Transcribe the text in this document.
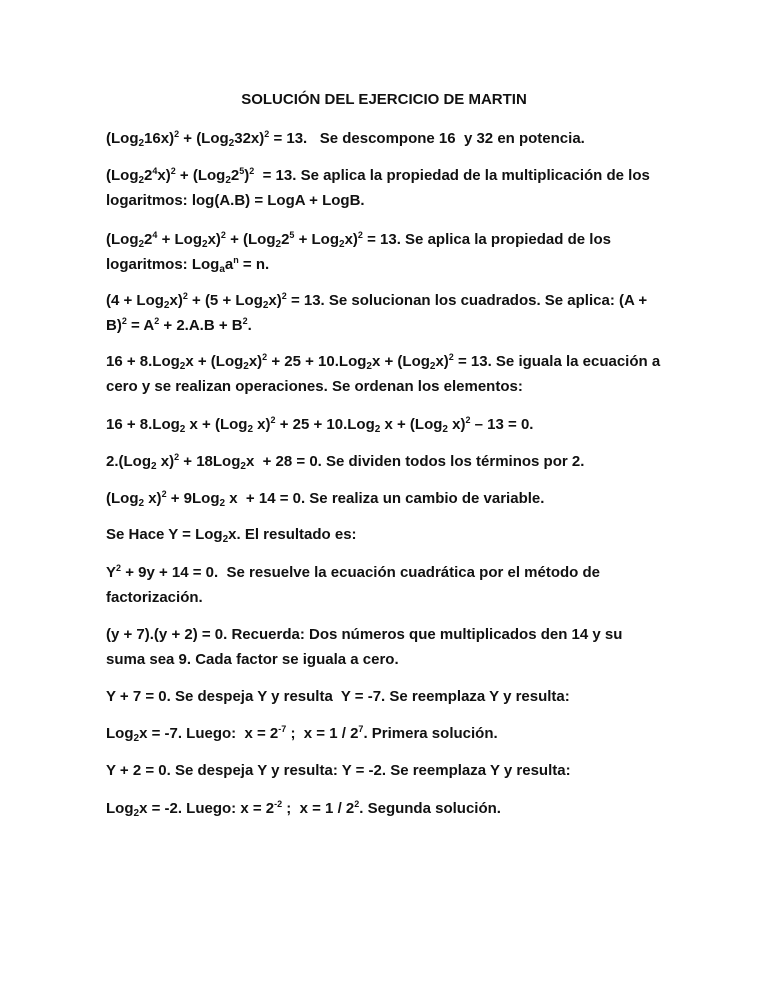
SOLUCIÓN DEL EJERCICIO DE MARTIN

$(Log_216x)^2 + (Log_232x)^2 = 13$.   Se descompone 16  y 32 en potencia.

$(Log_22^4x)^2 + (Log_22^5)^2 = 13$. Se aplica la propiedad de la multiplicación de los
logaritmos: log(A.B) = LogA + LogB.

$(Log_22^4 + Log_2x)^2 + (Log_22^5 + Log_2x)^2 = 13$. Se aplica la propiedad de los
logaritmos: $Log_aa^n = n$.

$(4 + Log_2x)^2 + (5 + Log_2x)^2 = 13$. Se solucionan los cuadrados. Se aplica: (A +
$B)^2 = A^2 + 2.A.B + B^2$.

$16 + 8.Log_2x + (Log_2x)^2 + 25 + 10.Log_2x + (Log_2x)^2 = 13$. Se iguala la ecuación a
cero y se realizan operaciones. Se ordenan los elementos:

16 + 8.Log$_2$ x + (Log$_2$ x)$^2$ + 25 + 10.Log$_2$ x + (Log$_2$ x)$^2$ – 13 = 0.

2.(Log$_2$ x)$^2$ + 18Log$_2$x  + 28 = 0. Se dividen todos los términos por 2.

(Log$_2$ x)$^2$ + 9Log$_2$ x  + 14 = 0. Se realiza un cambio de variable.

Se Hace Y = Log$_2$x. El resultado es:

$Y^2 + 9y + 14 = 0$.  Se resuelve la ecuación cuadrática por el método de
factorización.

(y + 7).(y + 2) = 0. Recuerda: Dos números que multiplicados den 14 y su
suma sea 9. Cada factor se iguala a cero.

Y + 7 = 0. Se despeja Y y resulta  Y = -7. Se reemplaza Y y resulta:

Log$_2$x = -7. Luego:  $x = 2^{-7}$ ;  $x = 1 / 2^7$. Primera solución.

Y + 2 = 0. Se despeja Y y resulta: Y = -2. Se reemplaza Y y resulta:

Log$_2$x = -2. Luego: $x = 2^{-2}$ ;  $x = 1 / 2^2$. Segunda solución.
